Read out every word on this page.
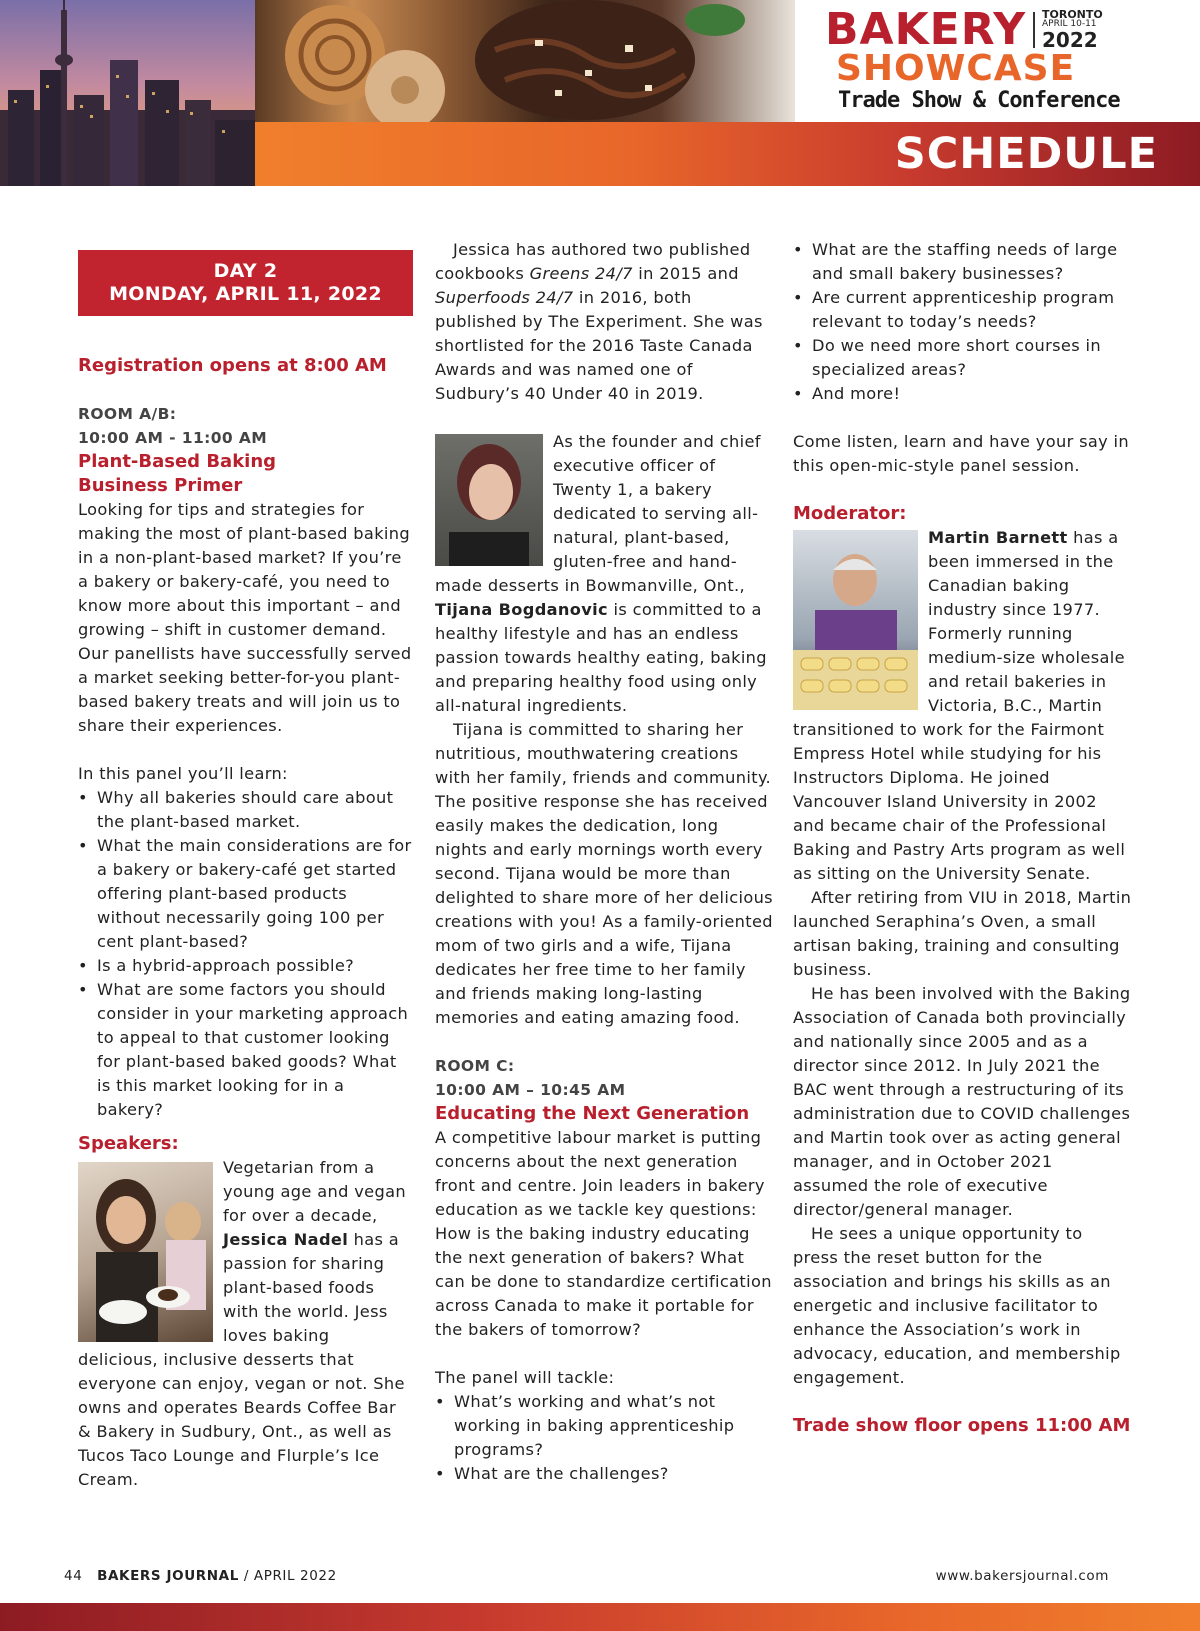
BAKERY TORONTO
APRIL 10-11
2022
SHOWCASE
Trade Show & Conference
SCHEDULE
DAY 2
MONDAY, APRIL 11, 2022

Registration opens at 8:00 AM

ROOM A/B:

10:00 AM - 11:00 AM

Plant-Based Baking
Business Primer

Looking for tips and strategies for making the most of plant-based baking in a non-plant-based market? If you’re a bakery or bakery-café, you need to know more about this important – and growing – shift in customer demand. Our panellists have successfully served a market seeking better-for-you plant-based bakery treats and will join us to share their experiences.

In this panel you’ll learn:

• Why all bakeries should care about the plant-based market.
• What the main considerations are for a bakery or bakery-café get started offering plant-based products without necessarily going 100 per cent plant-based?
• Is a hybrid-approach possible?
• What are some factors you should consider in your marketing approach to appeal to that customer looking for plant-based baked goods? What is this market looking for in a bakery?

Speakers:

Vegetarian from a young age and vegan for over a decade, Jessica Nadel has a passion for sharing plant-based foods with the world. Jess loves baking delicious, inclusive desserts that everyone can enjoy, vegan or not. She owns and operates Beards Coffee Bar & Bakery in Sudbury, Ont., as well as Tucos Taco Lounge and Flurple’s Ice Cream.

Jessica has authored two published cookbooks Greens 24/7 in 2015 and Superfoods 24/7 in 2016, both published by The Experiment. She was shortlisted for the 2016 Taste Canada Awards and was named one of Sudbury’s 40 Under 40 in 2019.

As the founder and chief executive officer of Twenty 1, a bakery dedicated to serving all-natural, plant-based, gluten-free and hand-made desserts in Bowmanville, Ont., Tijana Bogdanovic is committed to a healthy lifestyle and has an endless passion towards healthy eating, baking and preparing healthy food using only all-natural ingredients.

Tijana is committed to sharing her nutritious, mouthwatering creations with her family, friends and community. The positive response she has received easily makes the dedication, long nights and early mornings worth every second. Tijana would be more than delighted to share more of her delicious creations with you! As a family-oriented mom of two girls and a wife, Tijana dedicates her free time to her family and friends making long-lasting memories and eating amazing food.

ROOM C:

10:00 AM – 10:45 AM

Educating the Next Generation

A competitive labour market is putting concerns about the next generation front and centre. Join leaders in bakery education as we tackle key questions: How is the baking industry educating the next generation of bakers? What can be done to standardize certification across Canada to make it portable for the bakers of tomorrow?

The panel will tackle:

• What’s working and what’s not working in baking apprenticeship programs?
• What are the challenges?
• What are the staffing needs of large and small bakery businesses?
• Are current apprenticeship program relevant to today’s needs?
• Do we need more short courses in specialized areas?
• And more!

Come listen, learn and have your say in this open-mic-style panel session.

Moderator:

Martin Barnett has a been immersed in the Canadian baking industry since 1977. Formerly running medium-size wholesale and retail bakeries in Victoria, B.C., Martin transitioned to work for the Fairmont Empress Hotel while studying for his Instructors Diploma. He joined Vancouver Island University in 2002 and became chair of the Professional Baking and Pastry Arts program as well as sitting on the University Senate.

After retiring from VIU in 2018, Martin launched Seraphina’s Oven, a small artisan baking, training and consulting business.

He has been involved with the Baking Association of Canada both provincially and nationally since 2005 and as a director since 2012. In July 2021 the BAC went through a restructuring of its administration due to COVID challenges and Martin took over as acting general manager, and in October 2021 assumed the role of executive director/general manager.

He sees a unique opportunity to press the reset button for the association and brings his skills as an energetic and inclusive facilitator to enhance the Association’s work in advocacy, education, and membership engagement.

Trade show floor opens 11:00 AM

44 BAKERS JOURNAL / APRIL 2022	www.bakersjournal.com
